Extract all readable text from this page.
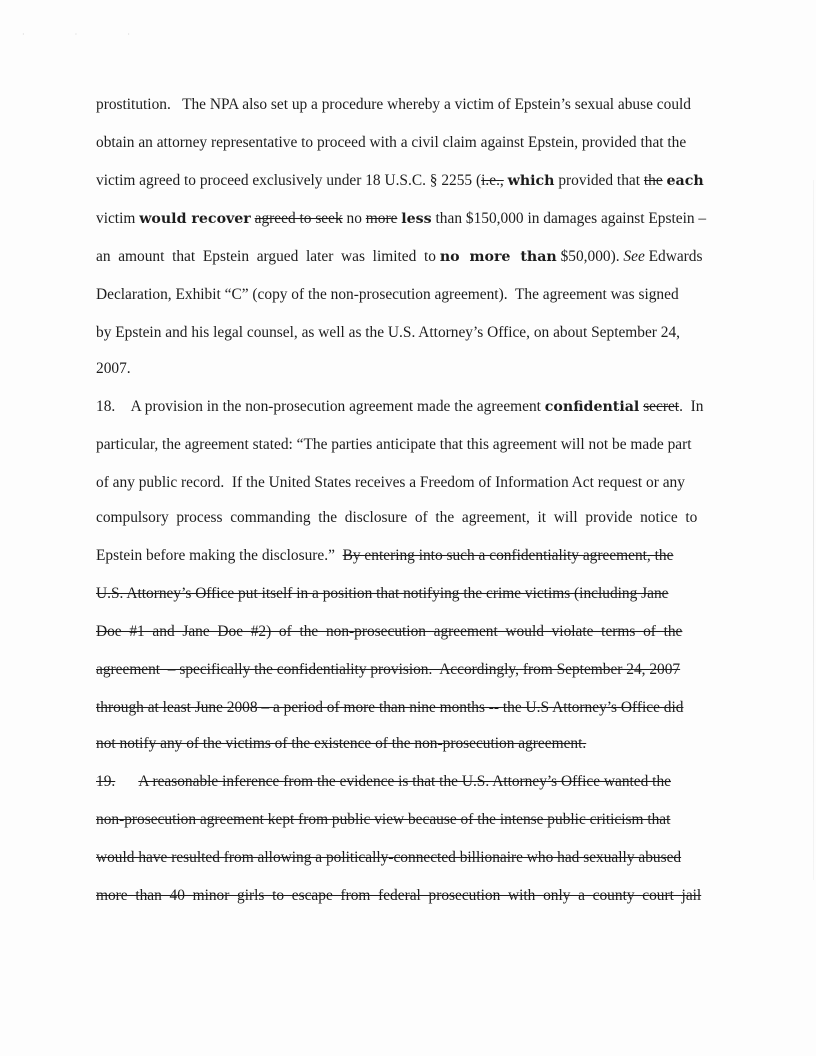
· · ·
prostitution.   The NPA also set up a procedure whereby a victim of Epstein’s sexual abuse could
obtain an attorney representative to proceed with a civil claim against Epstein, provided that the
victim agreed to proceed exclusively under 18 U.S.C. § 2255 (i.e., which provided that the each
victim would recover agreed to seek no more less than $150,000 in damages against Epstein –
an  amount  that  Epstein  argued  later  was  limited  to no  more  than $50,000). See Edwards
Declaration, Exhibit “C” (copy of the non-prosecution agreement).  The agreement was signed
by Epstein and his legal counsel, as well as the U.S. Attorney’s Office, on about September 24,
2007.
18. A provision in the non-prosecution agreement made the agreement confidential secret.  In
particular, the agreement stated: “The parties anticipate that this agreement will not be made part
of any public record.  If the United States receives a Freedom of Information Act request or any
compulsory  process  commanding  the  disclosure  of  the  agreement,  it  will  provide  notice  to
Epstein before making the disclosure.” By entering into such a confidentiality agreement, the
U.S. Attorney’s Office put itself in a position that notifying the crime victims (including Jane
Doe  #1  and  Jane  Doe  #2)  of  the  non-prosecution  agreement  would  violate  terms  of  the
agreement  – specifically the confidentiality provision.  Accordingly, from September 24, 2007
through at least June 2008 – a period of more than nine months -- the U.S Attorney’s Office did
not notify any of the victims of the existence of the non-prosecution agreement.
19. A reasonable inference from the evidence is that the U.S. Attorney’s Office wanted the
non-prosecution agreement kept from public view because of the intense public criticism that
would have resulted from allowing a politically-connected billionaire who had sexually abused
more  than  40  minor  girls  to  escape  from  federal  prosecution  with  only  a  county  court  jail
